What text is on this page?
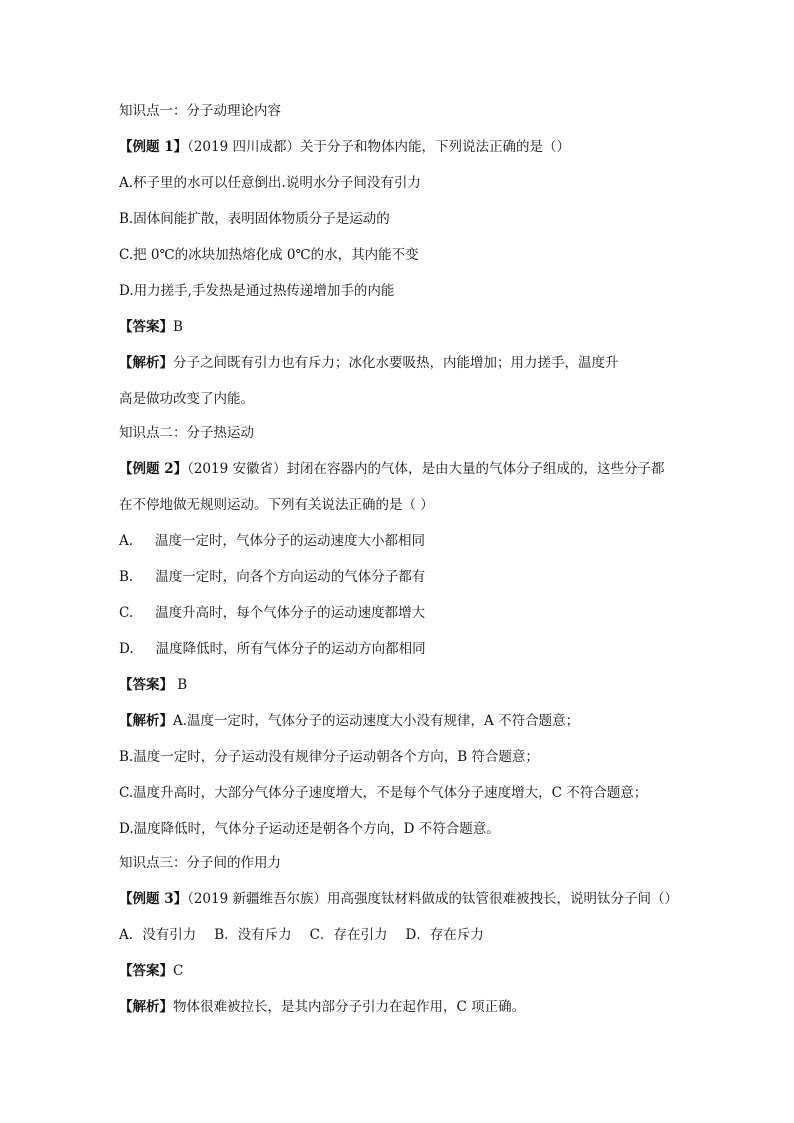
知识点一：分子动理论内容
【例题 1】（2019 四川成都）关于分子和物体内能，下列说法正确的是（）
A.杯子里的水可以任意倒出.说明水分子间没有引力
B.固体间能扩散，表明固体物质分子是运动的
C.把 0℃的冰块加热熔化成 0℃的水，其内能不变
D.用力搓手,手发热是通过热传递增加手的内能
【答案】B
【解析】分子之间既有引力也有斥力；冰化水要吸热，内能增加；用力搓手，温度升
高是做功改变了内能。
知识点二：分子热运动
【例题 2】（2019 安徽省）封闭在容器内的气体，是由大量的气体分子组成的，这些分子都
在不停地做无规则运动。下列有关说法正确的是（ ）
A. 温度一定时，气体分子的运动速度大小都相同
B. 温度一定时，向各个方向运动的气体分子都有
C. 温度升高时，每个气体分子的运动速度都增大
D. 温度降低时，所有气体分子的运动方向都相同
【答案】 B
【解析】A.温度一定时，气体分子的运动速度大小没有规律，A 不符合题意；
B.温度一定时，分子运动没有规律分子运动朝各个方向，B 符合题意；
C.温度升高时，大部分气体分子速度增大，不是每个气体分子速度增大，C 不符合题意；
D.温度降低时，气体分子运动还是朝各个方向，D 不符合题意。
知识点三：分子间的作用力
【例题 3】（2019 新疆维吾尔族）用高强度钛材料做成的钛管很难被拽长，说明钛分子间（）
A．没有引力 B．没有斥力 C．存在引力 D．存在斥力
【答案】C
【解析】物体很难被拉长，是其内部分子引力在起作用，C 项正确。
